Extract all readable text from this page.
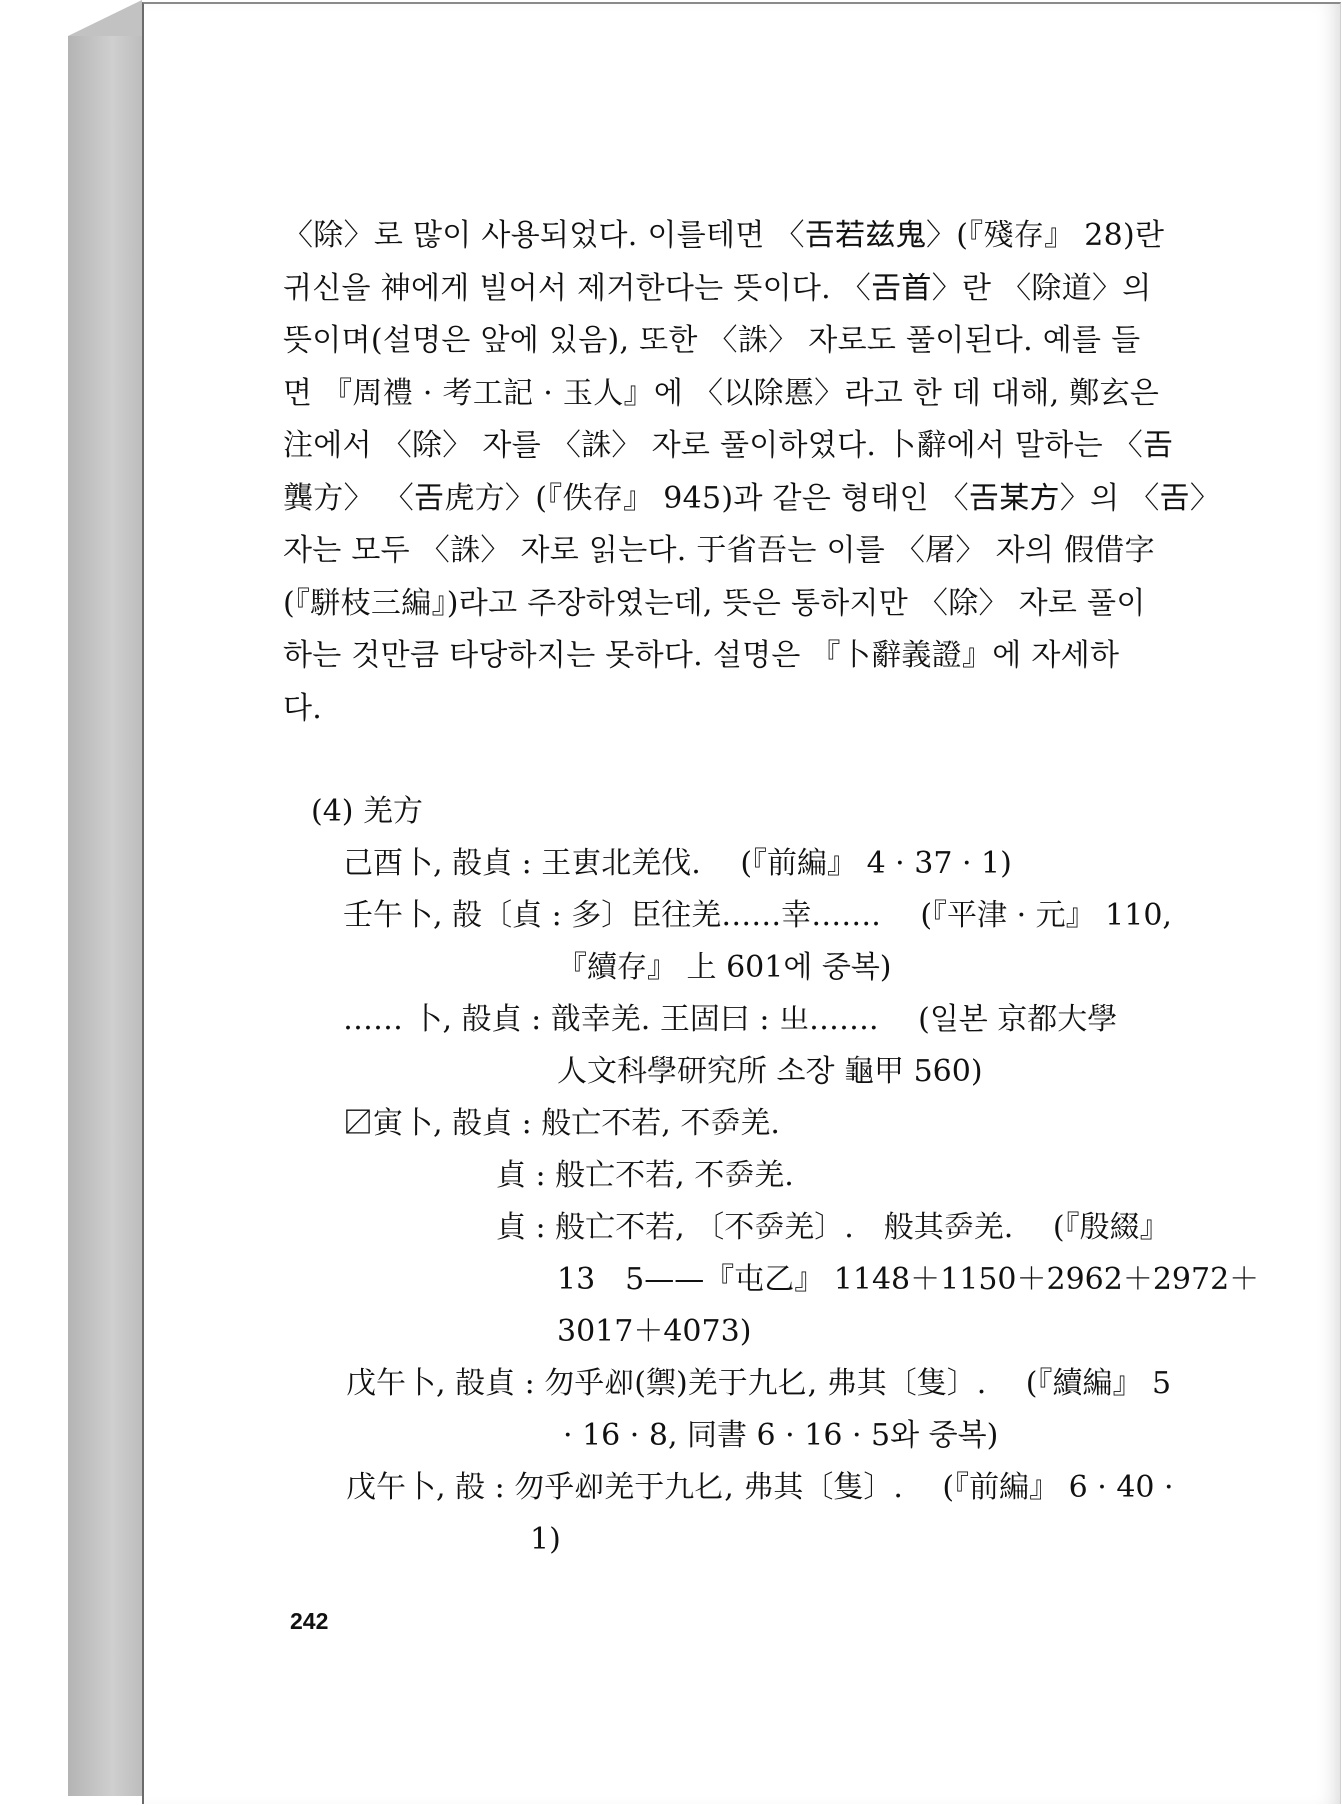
〈除〉로 많이 사용되었다. 이를테면 〈𢀛若兹鬼〉(『殘存』 28)란
귀신을 神에게 빌어서 제거한다는 뜻이다. 〈𢀛首〉란 〈除道〉의
뜻이며(설명은 앞에 있음), 또한 〈誅〉 자로도 풀이된다. 예를 들
면 『周禮 · 考工記 · 玉人』에 〈以除慝〉라고 한 데 대해, 鄭玄은
注에서 〈除〉 자를 〈誅〉 자로 풀이하였다. 卜辭에서 말하는 〈𢀛
龔方〉 〈𢀛虎方〉(『佚存』 945)과 같은 형태인 〈𢀛某方〉의 〈𢀛〉
자는 모두 〈誅〉 자로 읽는다. 于省吾는 이를 〈屠〉 자의 假借字
(『駢枝三編』)라고 주장하였는데, 뜻은 통하지만 〈除〉 자로 풀이
하는 것만큼 타당하지는 못하다. 설명은 『卜辭義證』에 자세하
다.
(4) 羌方
己酉卜, 㱿貞 : 王叀北羌伐.　 (『前編』 4 · 37 · 1)
壬午卜, 㱿〔貞 : 多〕臣往羌……幸…….　 (『平津 · 元』 110,
『續存』 上 601에 중복)
…… 卜, 㱿貞 : 戠幸羌. 王固曰 : 㞢…….　 (일본 京都大學
人文科學研究所 소장 龜甲 560)
〼寅卜, 㱿貞 : 般亡不若, 不𡴘羌.
貞 : 般亡不若, 不𡴘羌.
貞 : 般亡不若, 〔不𡴘羌〕.　般其𡴘羌.　 (『殷綴』
13　5——『屯乙』 1148＋1150＋2962＋2972＋
3017＋4073)
戊午卜, 㱿貞 : 勿乎𠨘(禦)羌于九𠤎, 弗其〔隻〕.　 (『續編』 5
· 16 · 8, 同書 6 · 16 · 5와 중복)
戊午卜, 㱿 : 勿乎𠨘羌于九𠤎, 弗其〔隻〕.　 (『前編』 6 · 40 ·
1)
242
